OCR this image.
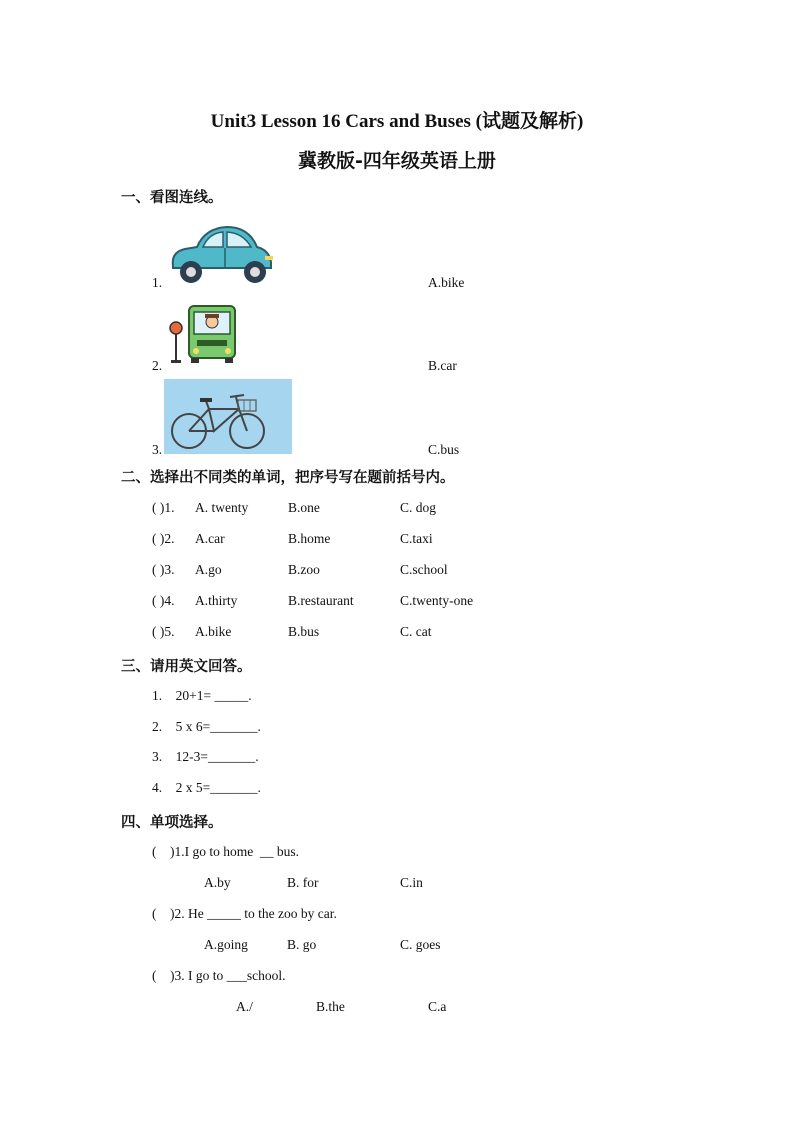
Unit3 Lesson 16 Cars and Buses (试题及解析)
冀教版-四年级英语上册
一、看图连线。
1.
2.
3.
A.bike
B.car
C.bus
二、选择出不同类的单词，把序号写在题前括号内。
( )1. A. twenty	B.one	C. dog
( )2. A.car	B.home	C.taxi
( )3. A.go	B.zoo	C.school
( )4. A.thirty	B.restaurant	C.twenty-one
( )5. A.bike	B.bus	C. cat
三、请用英文回答。
1.    20+1= _____.
2.    5 x 6=_______.
3.    12-3=_______.
4.    2 x 5=_______.
四、单项选择。
(    )1.I go to home  __ bus.
A.by	B. for	C.in
(    )2. He _____ to the zoo by car.
A.going	B. go	C. goes
(    )3. I go to ___school.
A./	B.the	C.a
